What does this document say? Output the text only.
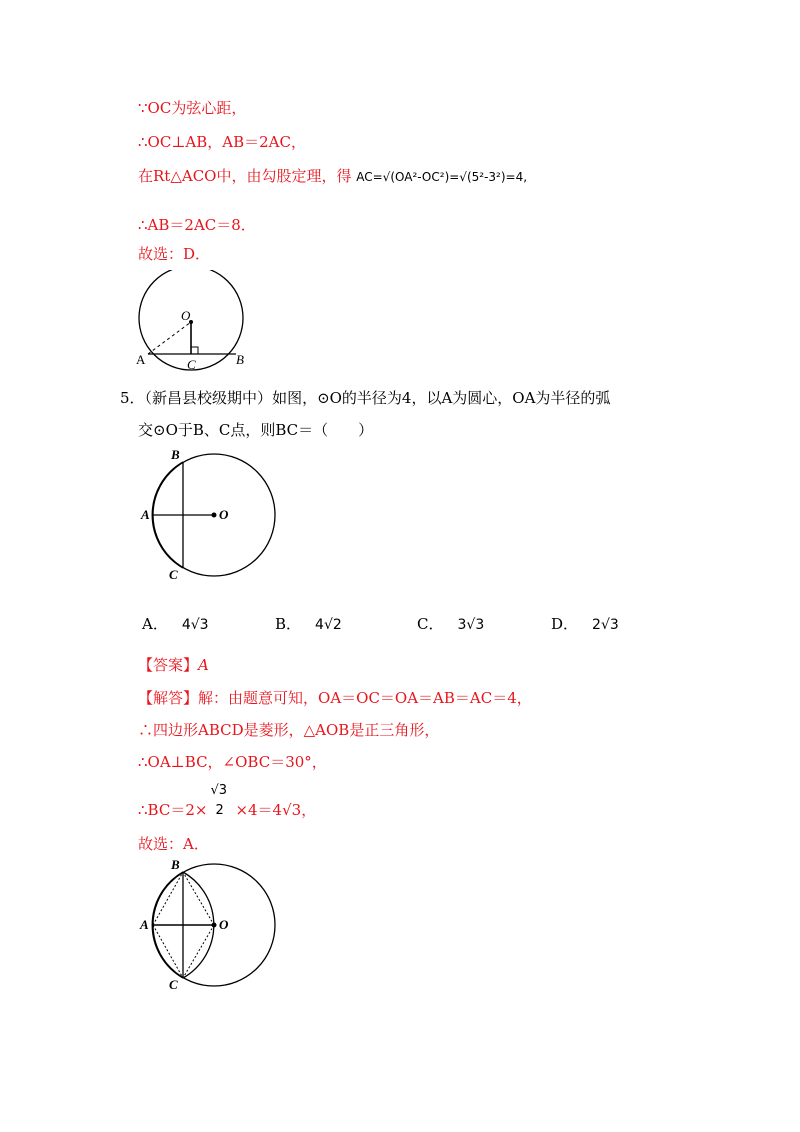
∵OC为弦心距，
∴OC⊥AB，AB＝2AC，
在Rt△ACO中，由勾股定理，得 AC=√(OA²-OC²)=√(5²-3²)=4,
∴AB＝2AC＝8．
故选：D．
O
A	B
C
5．（新昌县校级期中）如图，⊙O的半径为4，以A为圆心，OA为半径的弧
交⊙O于B、C点，则BC＝（　　）
B
A	O
C
A． 4√3	B． 4√2	C． 3√3	D． 2√3
【答案】A
【解答】解：由题意可知，OA＝OC＝OA＝AB＝AC＝4，
∴四边形ABCD是菱形，△AOB是正三角形，
∴OA⊥BC，∠OBC＝30°，
∴BC＝2×
√3
2 ×4＝4√3，
故选：A．
B
A	O
C
